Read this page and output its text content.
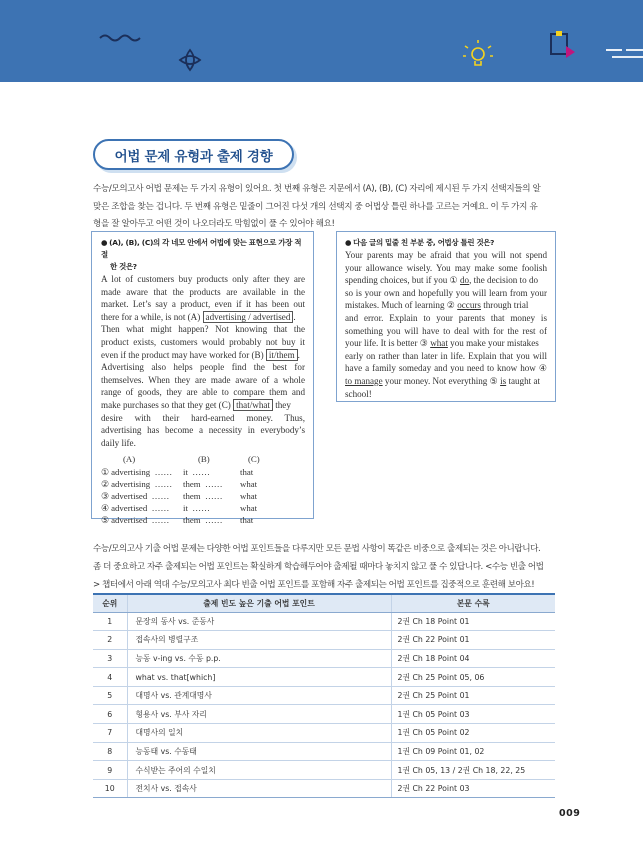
어법 문제 유형과 출제 경향

수능/모의고사 어법 문제는 두 가지 유형이 있어요. 첫 번째 유형은 지문에서 (A), (B), (C) 자리에 제시된 두 가지 선택지들의 알

맞은 조합을 찾는 겁니다. 두 번째 유형은 밑줄이 그어진 다섯 개의 선택지 중 어법상 틀린 하나를 고르는 거예요. 이 두 가지 유

형을 잘 알아두고 어떤 것이 나오더라도 막힘없이 풀 수 있어야 해요!

● (A), (B), (C)의 각 네모 안에서 어법에 맞는 표현으로 가장 적절
한 것은?
A lot of customers buy products only after they are
made aware that the products are available in the
market. Let’s say a product, even if it has been out
there for a while, is not (A) advertising / advertised .
Then what might happen? Not knowing that the
product exists, customers would probably not buy it
even if the product may have worked for (B) it/them .
Advertising also helps people find the best for
themselves. When they are made aware of a whole
range of goods, they are able to compare them and
make purchases so that they get (C) that/what they
desire with their hard-earned money. Thus,
advertising has become a necessity in everybody’s
daily life.
(A)	(B)	(C)
① advertising ……	it ……	that
② advertising ……	them ……	what
③ advertised ……	them ……	what
④ advertised ……	it ……	what
⑤ advertised ……	them ……	that
● 다음 글의 밑줄 친 부분 중, 어법상 틀린 것은?
Your parents may be afraid that you will not spend
your allowance wisely. You may make some foolish
spending choices, but if you ① do, the decision to do
so is your own and hopefully you will learn from your
mistakes. Much of learning ② occurs through trial
and error. Explain to your parents that money is
something you will have to deal with for the rest of
your life. It is better ③ what you make your mistakes
early on rather than later in life. Explain that you will
have a family someday and you need to know how ④
to manage your money. Not everything ⑤ is taught at
school!

수능/모의고사 기출 어법 문제는 다양한 어법 포인트들을 다루지만 모든 문법 사항이 똑같은 비중으로 출제되는 것은 아니랍니다.

좀 더 중요하고 자주 출제되는 어법 포인트는 확실하게 학습해두어야 출제될 때마다 놓치지 않고 풀 수 있답니다. <수능 빈출 어법

> 챕터에서 아래 역대 수능/모의고사 최다 빈출 어법 포인트를 포함해 자주 출제되는 어법 포인트를 집중적으로 훈련해 보아요!

순위	출제 빈도 높은 기출 어법 포인트	본문 수록
1	문장의 동사 vs. 준동사	2권 Ch 18 Point 01
2	접속사의 병렬구조	2권 Ch 22 Point 01
3	능동 v-ing vs. 수동 p.p.	2권 Ch 18 Point 04
4	what vs. that[which]	2권 Ch 25 Point 05, 06
5	대명사 vs. 관계대명사	2권 Ch 25 Point 01
6	형용사 vs. 부사 자리	1권 Ch 05 Point 03
7	대명사의 일치	1권 Ch 05 Point 02
8	능동태 vs. 수동태	1권 Ch 09 Point 01, 02
9	수식받는 주어의 수일치	1권 Ch 05, 13 / 2권 Ch 18, 22, 25
10	전치사 vs. 접속사	2권 Ch 22 Point 03
009
